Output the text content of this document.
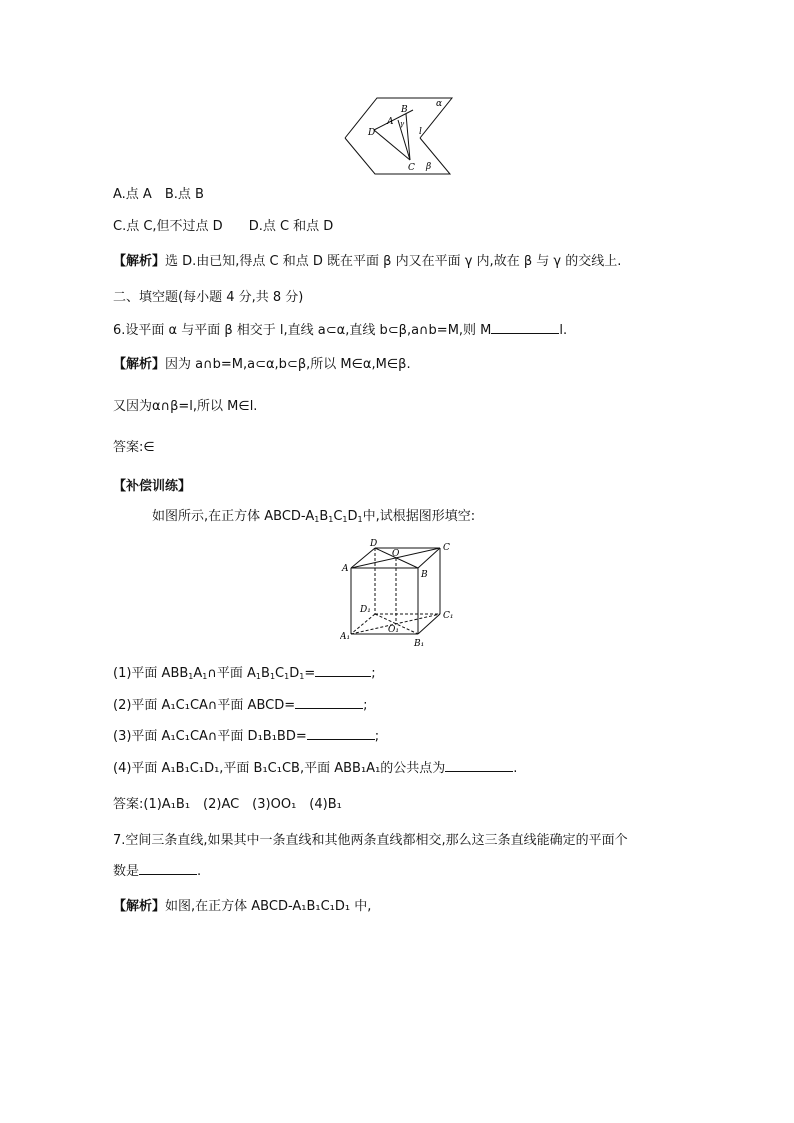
α
β
γ
l
A
B
C
D
A.点 A　B.点 B
C.点 C,但不过点 D　　D.点 C 和点 D
【解析】选 D.由已知,得点 C 和点 D 既在平面 β 内又在平面 γ 内,故在 β 与 γ 的交线上.
二、填空题(每小题 4 分,共 8 分)
6.设平面 α 与平面 β 相交于 l,直线 a⊂α,直线 b⊂β,a∩b=M,则 M	l.
【解析】因为 a∩b=M,a⊂α,b⊂β,所以 M∈α,M∈β.
又因为α∩β=l,所以 M∈l.
答案:∈
【补偿训练】
如图所示,在正方体 ABCD-$A_1B_1C_1D_1$中,试根据图形填空:
D
O
C
A
B
D₁
C₁
O₁
A₁
B₁
(1)平面 $ABB_1A_1\cap$平面 $A_1B_1C_1D_1=$	;
(2)平面 A₁C₁CA∩平面 ABCD=	;
(3)平面 A₁C₁CA∩平面 D₁B₁BD=	;
(4)平面 A₁B₁C₁D₁,平面 B₁C₁CB,平面 ABB₁A₁的公共点为	.
答案:(1)A₁B₁　(2)AC　(3)OO₁　(4)B₁
7.空间三条直线,如果其中一条直线和其他两条直线都相交,那么这三条直线能确定的平面个
数是	.
【解析】如图,在正方体 ABCD-A₁B₁C₁D₁ 中,
